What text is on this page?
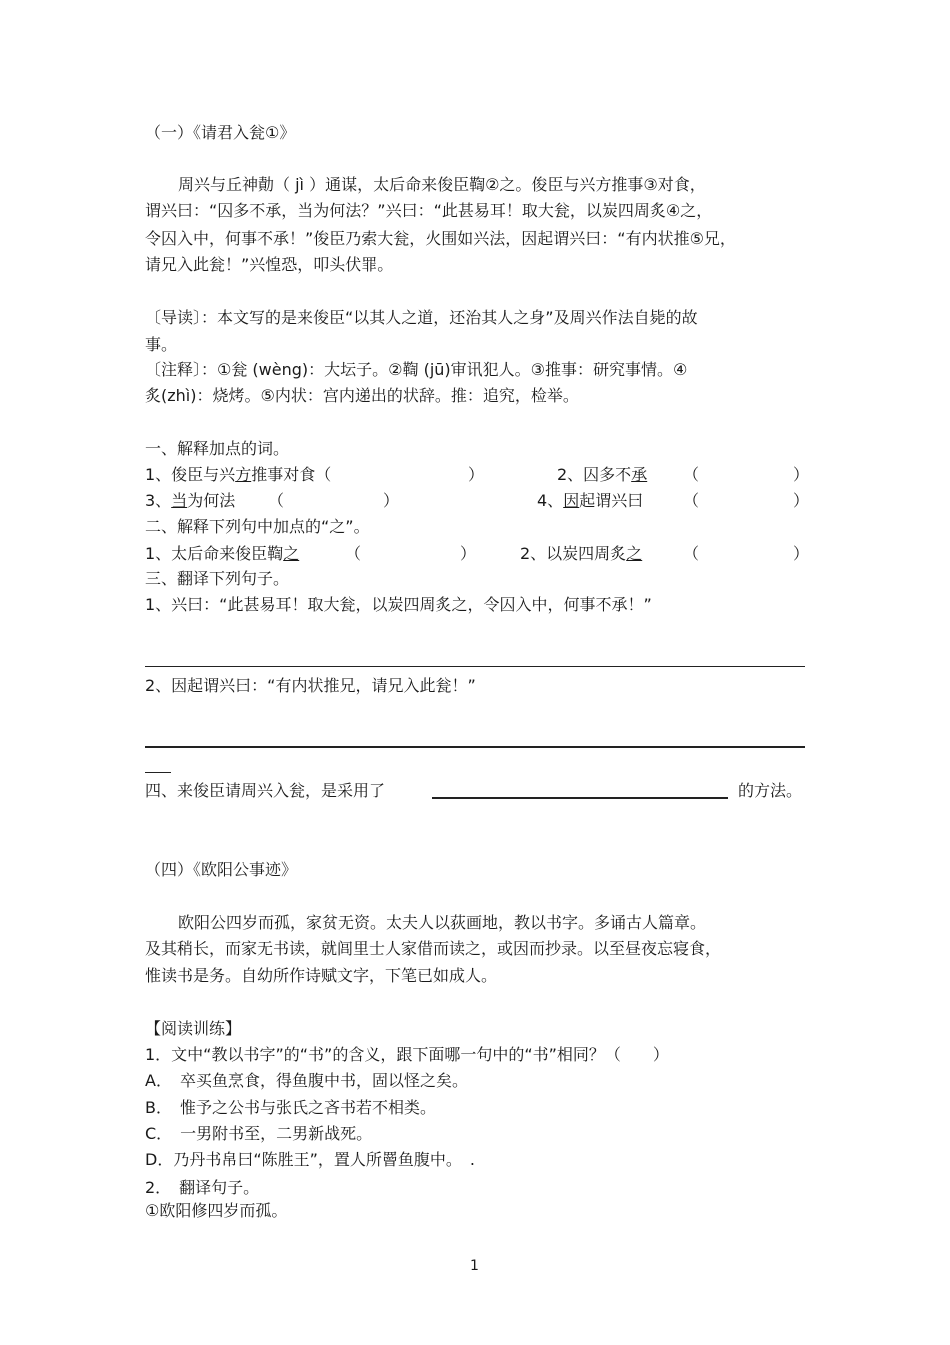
（一）《请君入瓮①》
周兴与丘神勣（ jì ）通谋，太后命来俊臣鞫②之。俊臣与兴方推事③对食，
谓兴曰：“囚多不承，当为何法？”兴曰：“此甚易耳！取大瓮，以炭四周炙④之，
令囚入中，何事不承！”俊臣乃索大瓮，火围如兴法，因起谓兴曰：“有内状推⑤兄，
请兄入此瓮！”兴惶恐，叩头伏罪。
〔导读〕：本文写的是来俊臣“以其人之道，还治其人之身”及周兴作法自毙的故
事。
〔注释〕：①瓮 (wèng)：大坛子。②鞫 (jū)审讯犯人。③推事：研究事情。④
炙(zhì)：烧烤。⑤内状：宫内递出的状辞。推：追究，检举。
一、解释加点的词。
1、俊臣与兴方推事对食（	）	2、囚多不承 （	）
3、当为何法 （	）	4、因起谓兴曰 （	）
二、解释下列句中加点的“之”。
1、太后命来俊臣鞫之	（	）	2、以炭四周炙之	（	）
三、翻译下列句子。
1、兴曰：“此甚易耳！取大瓮，以炭四周炙之，令囚入中，何事不承！”
2、因起谓兴曰：“有内状推兄，请兄入此瓮！”
四、来俊臣请周兴入瓮，是采用了	的方法。
（四）《欧阳公事迹》
欧阳公四岁而孤，家贫无资。太夫人以荻画地，教以书字。多诵古人篇章。
及其稍长，而家无书读，就闾里士人家借而读之，或因而抄录。以至昼夜忘寝食，
惟读书是务。自幼所作诗赋文字，下笔已如成人。
【阅读训练】
1．文中“教以书字”的“书”的含义，跟下面哪一句中的“书”相同？（　　）
A．　卒买鱼烹食，得鱼腹中书，固以怪之矣。
B．　惟予之公书与张氏之吝书若不相类。
C．　一男附书至，二男新战死。
D．乃丹书帛曰“陈胜王”，置人所罾鱼腹中。　.
2．　翻译句子。
①欧阳修四岁而孤。
1
